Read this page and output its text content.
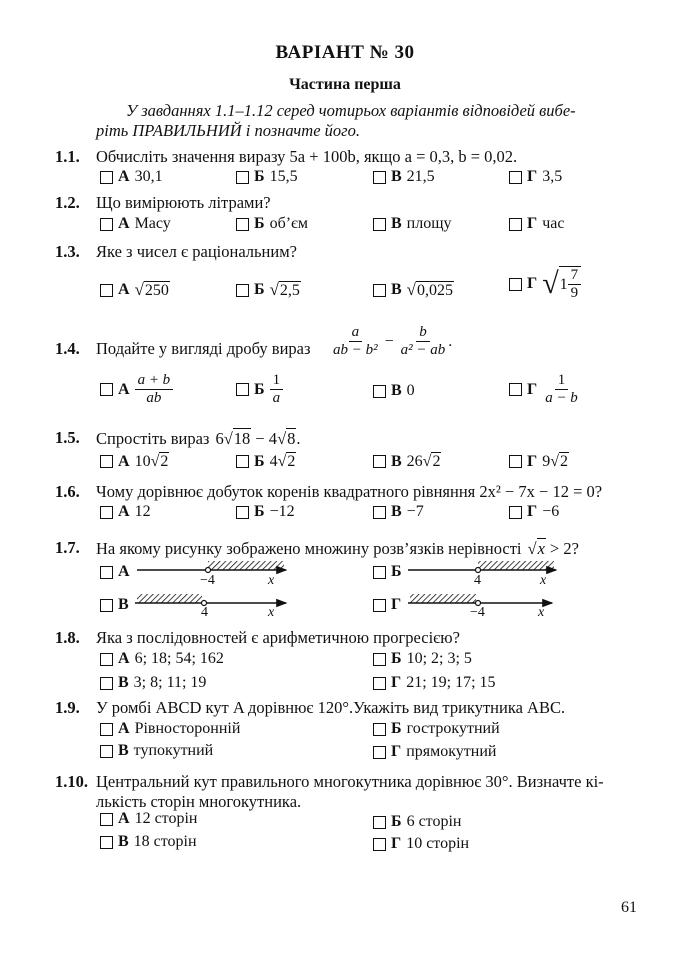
ВАРІАНТ № 30
Частина перша
У завданнях 1.1–1.12 серед чотирьох варіантів відповідей вибе-
ріть ПРАВИЛЬНИЙ і позначте його.
1.1. Обчисліть значення виразу 5a + 100b, якщо a = 0,3, b = 0,02.
А 30,1	Б 15,5	В 21,5	Г 3,5
1.2. Що вимірюють літрами?
А Масу	Б об’єм	В площу	Г час
1.3. Яке з чисел є раціональним?
А √ 250	Б √ 2,5	В √ 0,025	Г √ $1 \frac{7}{9}$
1.4. Подайте у вигляді дробу вираз $\frac{a}{\text{ab − b²}} - \frac{b}{\text{a² − ab}}$ .
А $\frac{a + b}{ab}$	Б $\frac{1}{a}$	В 0	Г $\frac{1}{a - b}$
1.5. Спростіть вираз 6 √ 18 − 4 √ 8 .
А 10 √ 2	Б 4 √ 2	В 26 √ 2	Г 9 √ 2
1.6. Чому дорівнює добуток коренів квадратного рівняння 2x² − 7x − 12 = 0?
А 12	Б −12	В −7	Г −6
1.7. На якому рисунку зображено множину розв’язків нерівності √ x > 2?
А
−4	x
Б
4	x
В	4	x	Г	−4	x
1.8. Яка з послідовностей є арифметичною прогресією?
А 6; 18; 54; 162	Б 10; 2; 3; 5
В 3; 8; 11; 19	Г 21; 19; 17; 15
1.9. У ромбі ABCD кут A дорівнює 120°.Укажіть вид трикутника ABC.
А Рівносторонній	Б гострокутний
В тупокутний	Г прямокутний
1.10. Центральний кут правильного многокутника дорівнює 30°. Визначте кі-
лькість сторін многокутника.
А 12 сторін	Б 6 сторін
В 18 сторін	Г 10 сторін
61
